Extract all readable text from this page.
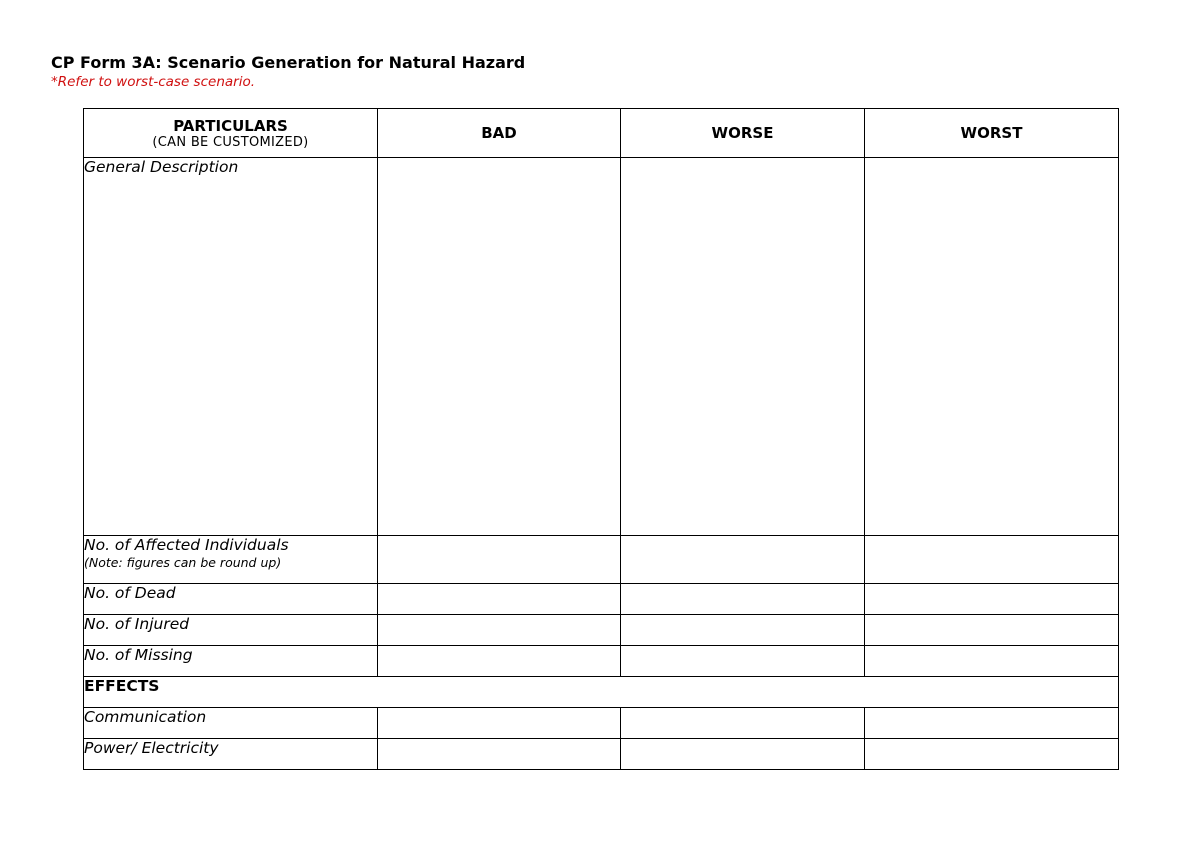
CP Form 3A: Scenario Generation for Natural Hazard
*Refer to worst-case scenario.
PARTICULARS
(CAN BE CUSTOMIZED)	BAD	WORSE	WORST
General Description			

No. of Affected Individuals
(Note: figures can be round up)			

No. of Dead			
No. of Injured			
No. of Missing			
EFFECTS			
Communication			
Power/ Electricity			
